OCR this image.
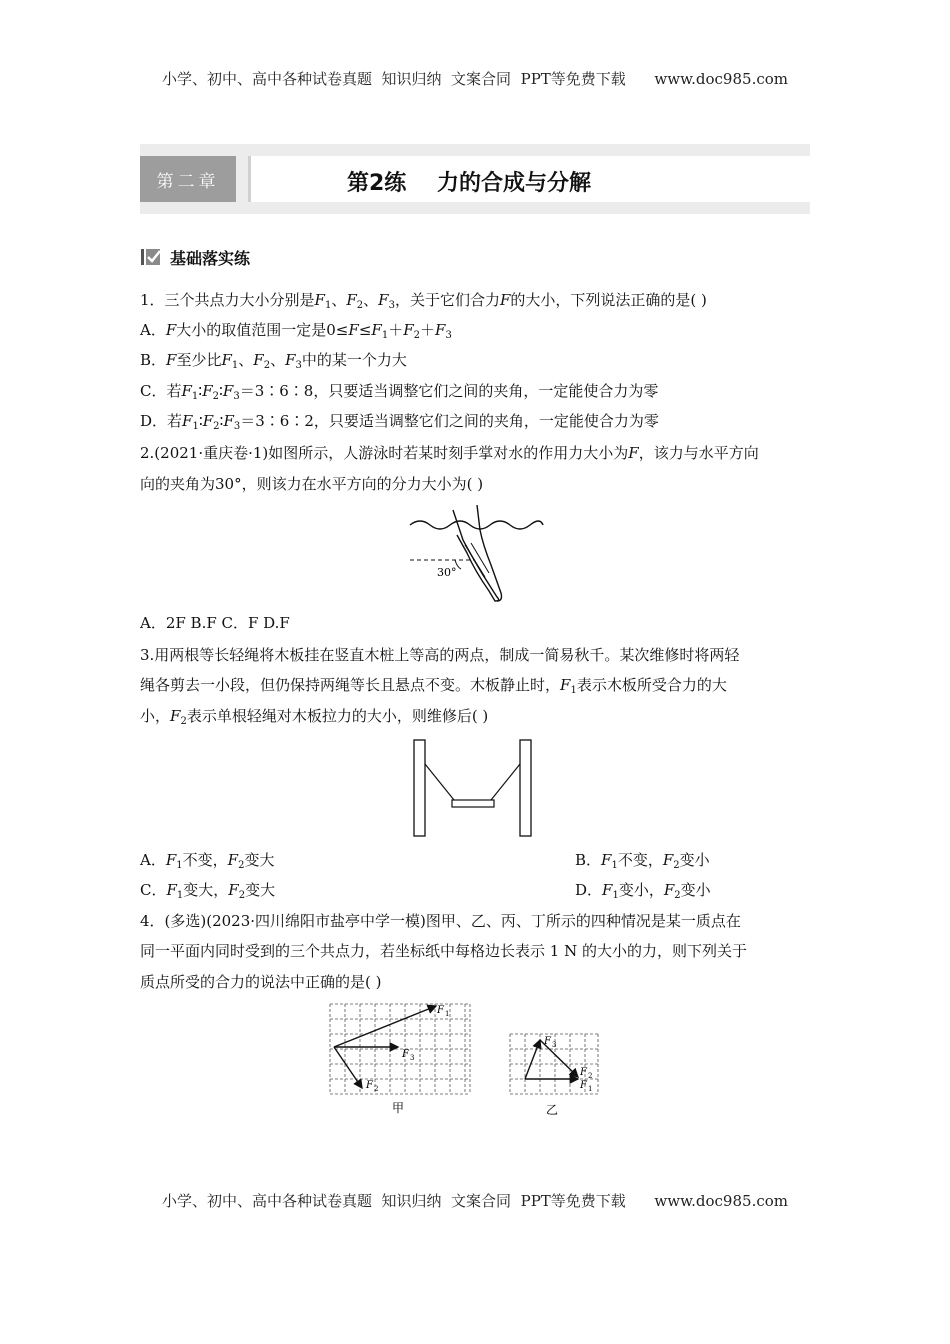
小学、初中、高中各种试卷真题  知识归纳  文案合同  PPT等免费下载      www.doc985.com
第二章	第2练    力的合成与分解
基础落实练
1．三个共点力大小分别是$F_1$、$F_2$、$F_3$，关于它们合力F的大小，下列说法正确的是( )
A．F大小的取值范围一定是$0\le F\le F_1+F_2+F_3$
B．F至少比$F_1$、$F_2$、$F_3$中的某一个力大
C．若$F_1∶F_2∶F_3=3∶6∶8$，只要适当调整它们之间的夹角，一定能使合力为零
D．若$F_1∶F_2∶F_3=3∶6∶2$，只要适当调整它们之间的夹角，一定能使合力为零
2.(2021·重庆卷·1)如图所示，人游泳时若某时刻手掌对水的作用力大小为F，该力与水平方向
向的夹角为30°，则该力在水平方向的分力大小为( )
30°
A．2F B.F C．F D.F
3.用两根等长轻绳将木板挂在竖直木桩上等高的两点，制成一简易秋千。某次维修时将两轻
绳各剪去一小段，但仍保持两绳等长且悬点不变。木板静止时，$F_1$表示木板所受合力的大
小，$F_2$表示单根轻绳对木板拉力的大小，则维修后( )
A．$F_1$不变，$F_2$变大	B．$F_1$不变，$F_2$变小
C．$F_1$变大，$F_2$变大	D．$F_1$变小，$F_2$变小
4．(多选)(2023·四川绵阳市盐亭中学一模)图甲、乙、丙、丁所示的四种情况是某一质点在
同一平面内同时受到的三个共点力，若坐标纸中每格边长表示 1 N 的大小的力，则下列关于
质点所受的合力的说法中正确的是( )
F 1
F 3
F 2
甲
F 3
F 2
F 1
乙
小学、初中、高中各种试卷真题  知识归纳  文案合同  PPT等免费下载      www.doc985.com
